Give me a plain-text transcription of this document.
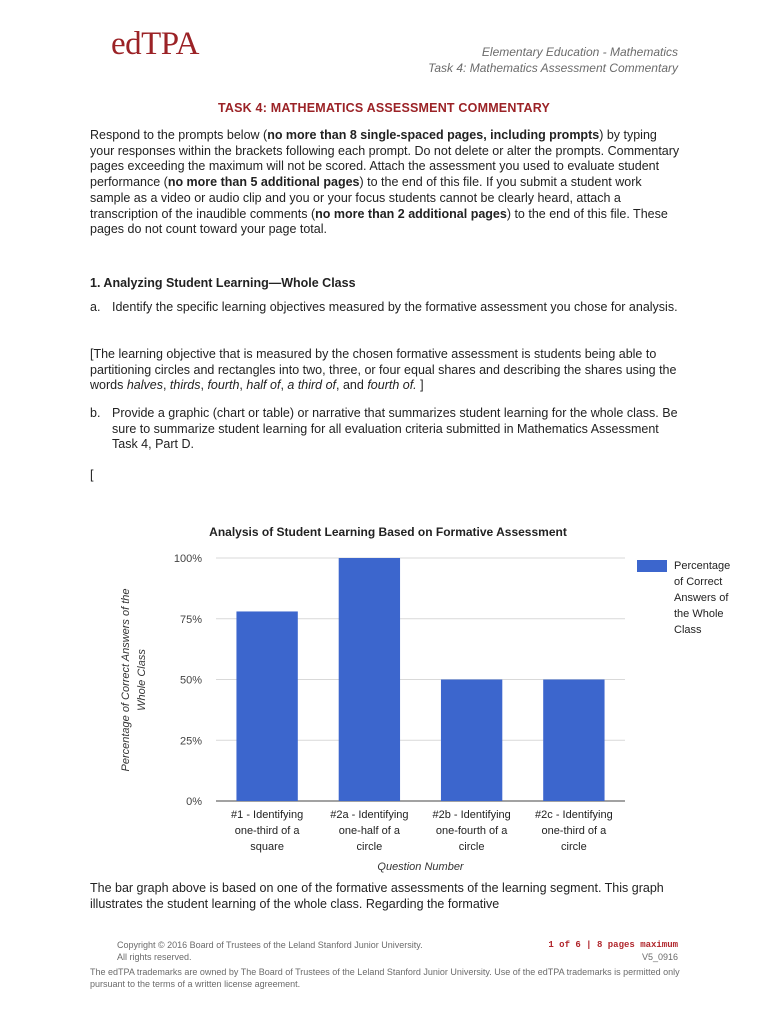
edTPA	Elementary Education - Mathematics
Task 4: Mathematics Assessment Commentary
TASK 4: MATHEMATICS ASSESSMENT COMMENTARY
Respond to the prompts below (no more than 8 single-spaced pages, including prompts) by typing your responses within the brackets following each prompt. Do not delete or alter the prompts. Commentary pages exceeding the maximum will not be scored. Attach the assessment you used to evaluate student performance (no more than 5 additional pages) to the end of this file. If you submit a student work sample as a video or audio clip and you or your focus students cannot be clearly heard, attach a transcription of the inaudible comments (no more than 2 additional pages) to the end of this file. These pages do not count toward your page total.
1. Analyzing Student Learning—Whole Class
a. Identify the specific learning objectives measured by the formative assessment you chose for analysis.
[The learning objective that is measured by the chosen formative assessment is students being able to partitioning circles and rectangles into two, three, or four equal shares and describing the shares using the words halves, thirds, fourth, half of, a third of, and fourth of. ]
b. Provide a graphic (chart or table) or narrative that summarizes student learning for the whole class. Be sure to summarize student learning for all evaluation criteria submitted in Mathematics Assessment Task 4, Part D.
[
Analysis of Student Learning Based on Formative Assessment
0%
25%
50%
75%
100%
#1 - Identifying
one-third of a
square
#2a - Identifying
one-half of a
circle
#2b - Identifying
one-fourth of a
circle
#2c - Identifying
one-third of a
circle
Question Number
Percentage of Correct Answers of the Whole Class
Percentage
of Correct
Answers of
the Whole
Class
The bar graph above is based on one of the formative assessments of the learning segment. This graph illustrates the student learning of the whole class. Regarding the formative
Copyright © 2016 Board of Trustees of the Leland Stanford Junior University.
All rights reserved.
1 of 6 | 8 pages maximum
V5_0916
The edTPA trademarks are owned by The Board of Trustees of the Leland Stanford Junior University. Use of the edTPA trademarks is permitted only pursuant to the terms of a written license agreement.
